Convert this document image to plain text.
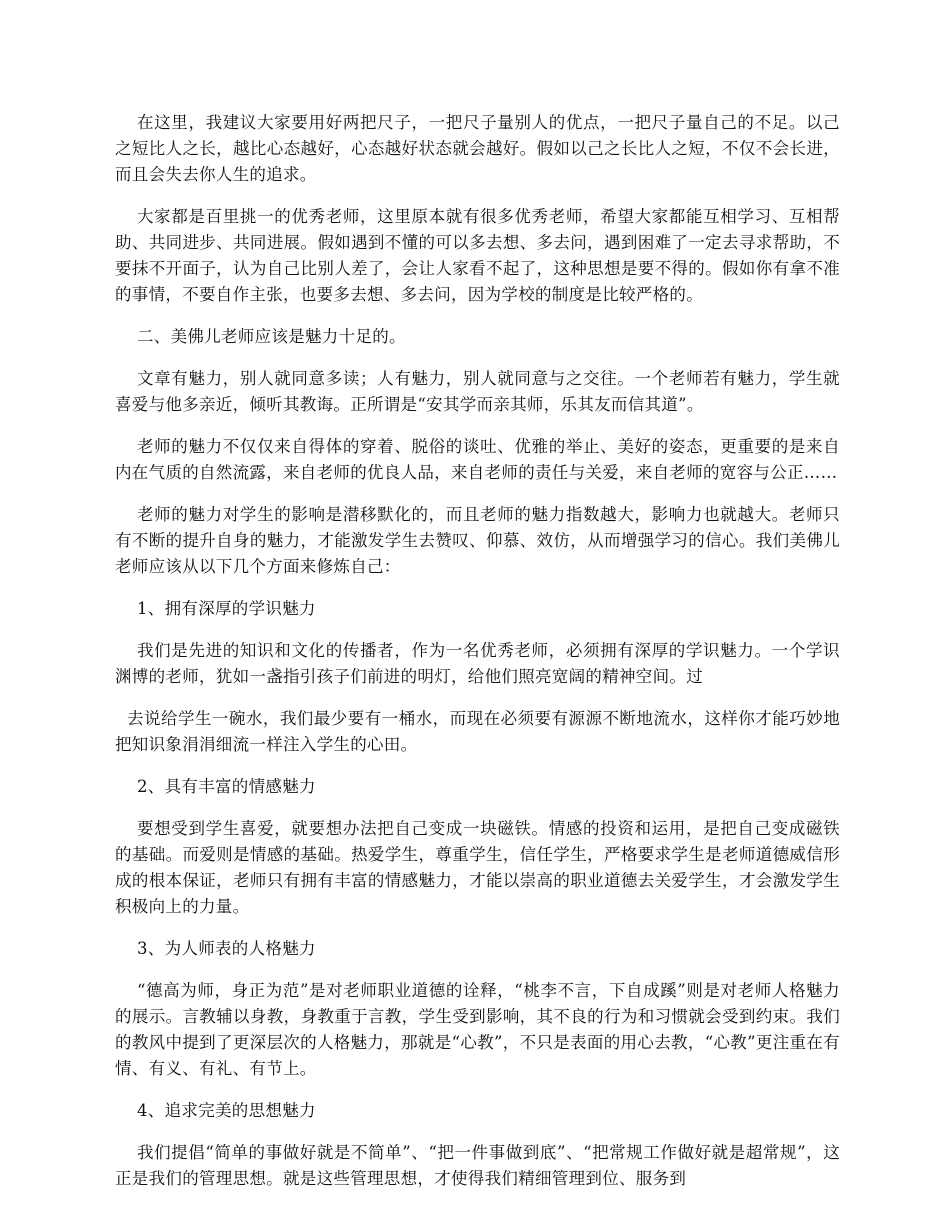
在这里，我建议大家要用好两把尺子，一把尺子量别人的优点，一把尺子量自己的不足。以己之短比人之长，越比心态越好，心态越好状态就会越好。假如以己之长比人之短，不仅不会长进，而且会失去你人生的追求。

大家都是百里挑一的优秀老师，这里原本就有很多优秀老师，希望大家都能互相学习、互相帮助、共同进步、共同进展。假如遇到不懂的可以多去想、多去问，遇到困难了一定去寻求帮助，不要抹不开面子，认为自己比别人差了，会让人家看不起了，这种思想是要不得的。假如你有拿不准的事情，不要自作主张，也要多去想、多去问，因为学校的制度是比较严格的。

二、美佛儿老师应该是魅力十足的。

文章有魅力，别人就同意多读；人有魅力，别人就同意与之交往。一个老师若有魅力，学生就喜爱与他多亲近，倾听其教诲。正所谓是“安其学而亲其师，乐其友而信其道”。

老师的魅力不仅仅来自得体的穿着、脱俗的谈吐、优雅的举止、美好的姿态，更重要的是来自内在气质的自然流露，来自老师的优良人品，来自老师的责任与关爱，来自老师的宽容与公正……

老师的魅力对学生的影响是潜移默化的，而且老师的魅力指数越大，影响力也就越大。老师只有不断的提升自身的魅力，才能激发学生去赞叹、仰慕、效仿，从而增强学习的信心。我们美佛儿老师应该从以下几个方面来修炼自己：

1、拥有深厚的学识魅力

我们是先进的知识和文化的传播者，作为一名优秀老师，必须拥有深厚的学识魅力。一个学识渊博的老师，犹如一盏指引孩子们前进的明灯，给他们照亮宽阔的精神空间。过

去说给学生一碗水，我们最少要有一桶水，而现在必须要有源源不断地流水，这样你才能巧妙地把知识象涓涓细流一样注入学生的心田。

2、具有丰富的情感魅力

要想受到学生喜爱，就要想办法把自己变成一块磁铁。情感的投资和运用，是把自己变成磁铁的基础。而爱则是情感的基础。热爱学生，尊重学生，信任学生，严格要求学生是老师道德威信形成的根本保证，老师只有拥有丰富的情感魅力，才能以崇高的职业道德去关爱学生，才会激发学生积极向上的力量。

3、为人师表的人格魅力

“德高为师，身正为范”是对老师职业道德的诠释，“桃李不言，下自成蹊”则是对老师人格魅力的展示。言教辅以身教，身教重于言教，学生受到影响，其不良的行为和习惯就会受到约束。我们的教风中提到了更深层次的人格魅力，那就是“心教”，不只是表面的用心去教，“心教”更注重在有情、有义、有礼、有节上。

4、追求完美的思想魅力

我们提倡“简单的事做好就是不简单”、“把一件事做到底”、“把常规工作做好就是超常规”，这正是我们的管理思想。就是这些管理思想，才使得我们精细管理到位、服务到
